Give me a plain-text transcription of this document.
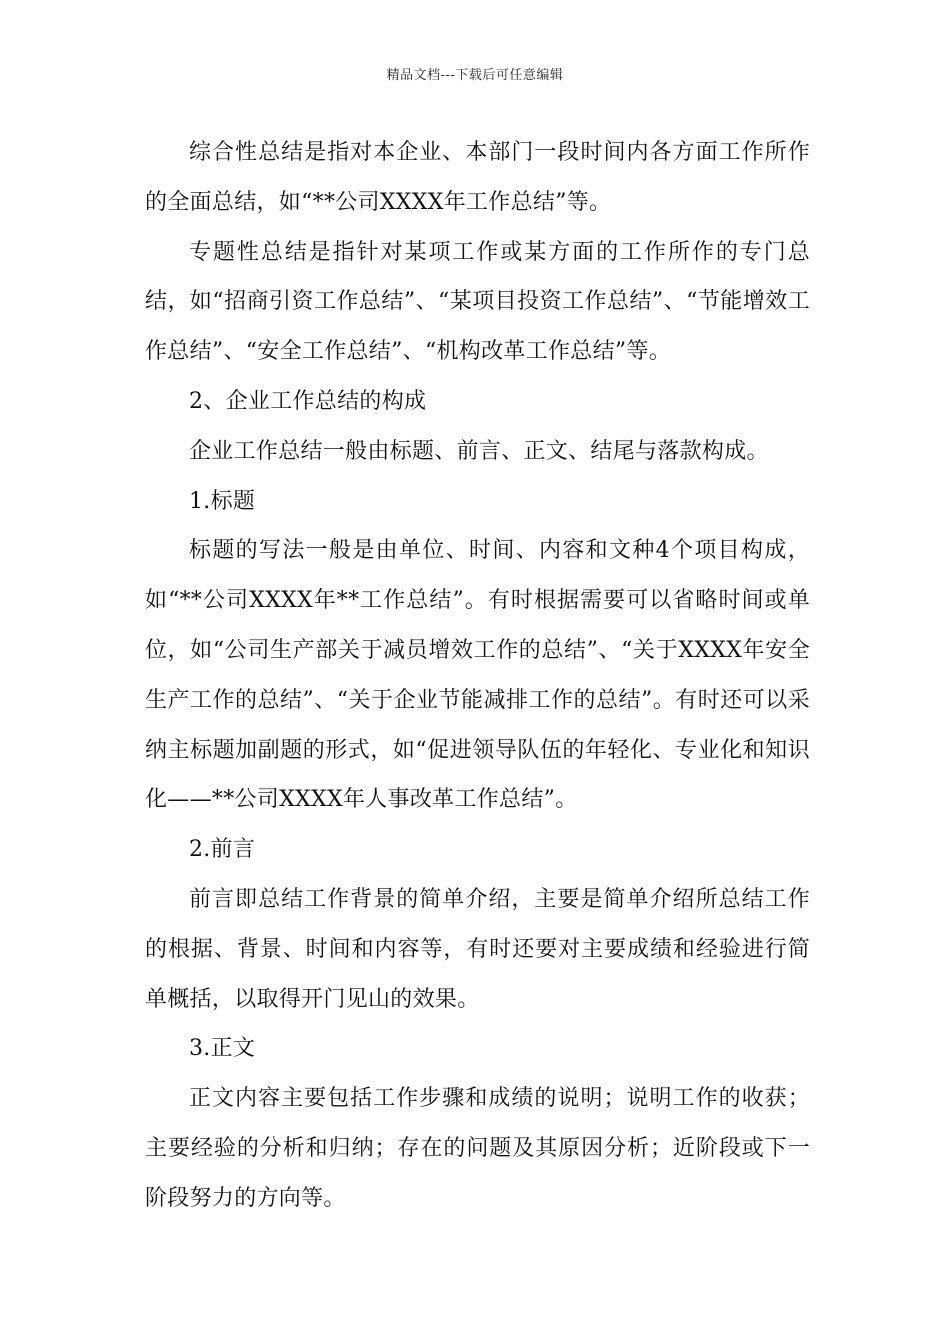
精品文档---下载后可任意编辑

综合性总结是指对本企业、本部门一段时间内各方面工作所作的全面总结，如“**公司XXXX年工作总结”等。

专题性总结是指针对某项工作或某方面的工作所作的专门总结，如“招商引资工作总结”、“某项目投资工作总结”、“节能增效工作总结”、“安全工作总结”、“机构改革工作总结”等。

2、企业工作总结的构成

企业工作总结一般由标题、前言、正文、结尾与落款构成。

1.标题

标题的写法一般是由单位、时间、内容和文种4个项目构成，如“**公司XXXX年**工作总结”。有时根据需要可以省略时间或单位，如“公司生产部关于减员增效工作的总结”、“关于XXXX年安全生产工作的总结”、“关于企业节能减排工作的总结”。有时还可以采纳主标题加副题的形式，如“促进领导队伍的年轻化、专业化和知识化——**公司XXXX年人事改革工作总结”。

2.前言

前言即总结工作背景的简单介绍，主要是简单介绍所总结工作的根据、背景、时间和内容等，有时还要对主要成绩和经验进行简单概括，以取得开门见山的效果。

3.正文

正文内容主要包括工作步骤和成绩的说明；说明工作的收获；主要经验的分析和归纳；存在的问题及其原因分析；近阶段或下一阶段努力的方向等。
